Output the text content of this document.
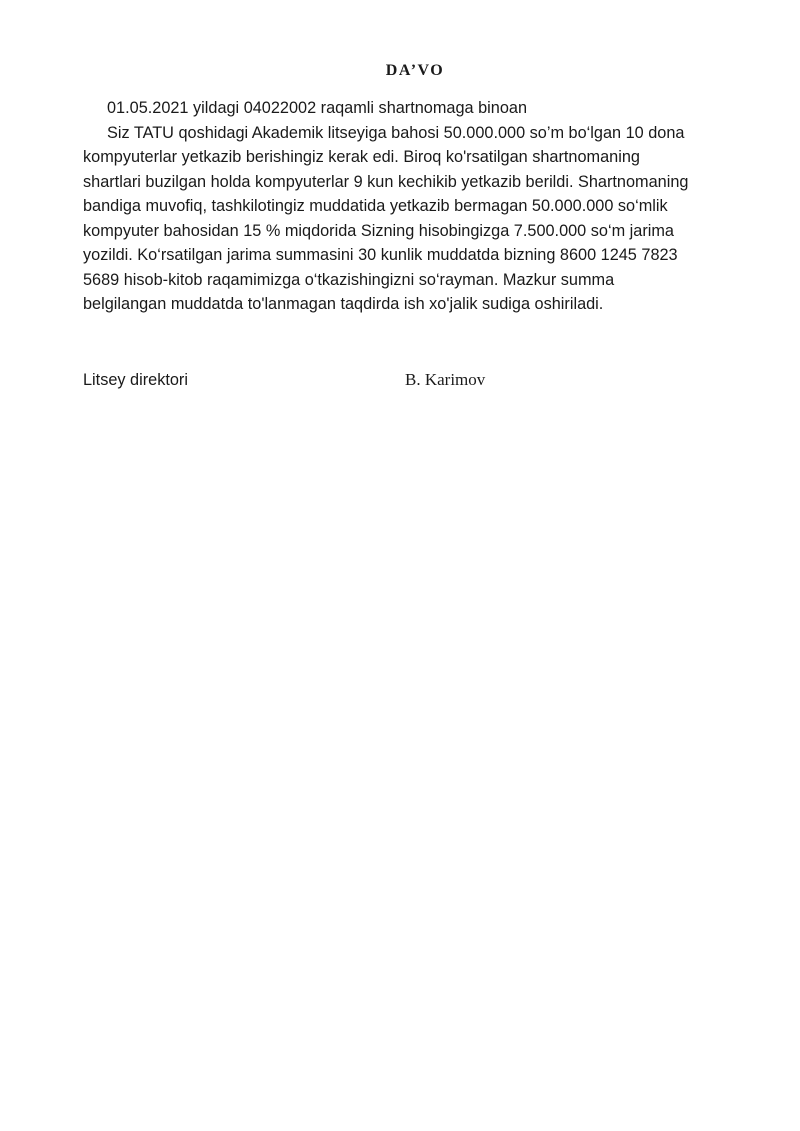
DA’VO
01.05.2021 yildagi 04022002 raqamli shartnomaga binoan
Siz TATU qoshidagi Akademik litseyiga bahosi 50.000.000 so’m bo‘lgan 10 dona
kompyuterlar yetkazib berishingiz kerak edi. Biroq ko'rsatilgan shartnomaning
shartlari buzilgan holda kompyuterlar 9 kun kechikib yetkazib berildi. Shartnomaning
bandiga muvofiq, tashkilotingiz muddatida yetkazib bermagan 50.000.000 so‘mlik
kompyuter bahosidan 15 % miqdorida Sizning hisobingizga 7.500.000 so‘m jarima
yozildi. Ko‘rsatilgan jarima summasini 30 kunlik muddatda bizning 8600 1245 7823
5689 hisob-kitob raqamimizga o‘tkazishingizni so‘rayman. Mazkur summa
belgilangan muddatda to'lanmagan taqdirda ish xo'jalik sudiga oshiriladi.
Litsey direktori	B. Karimov
